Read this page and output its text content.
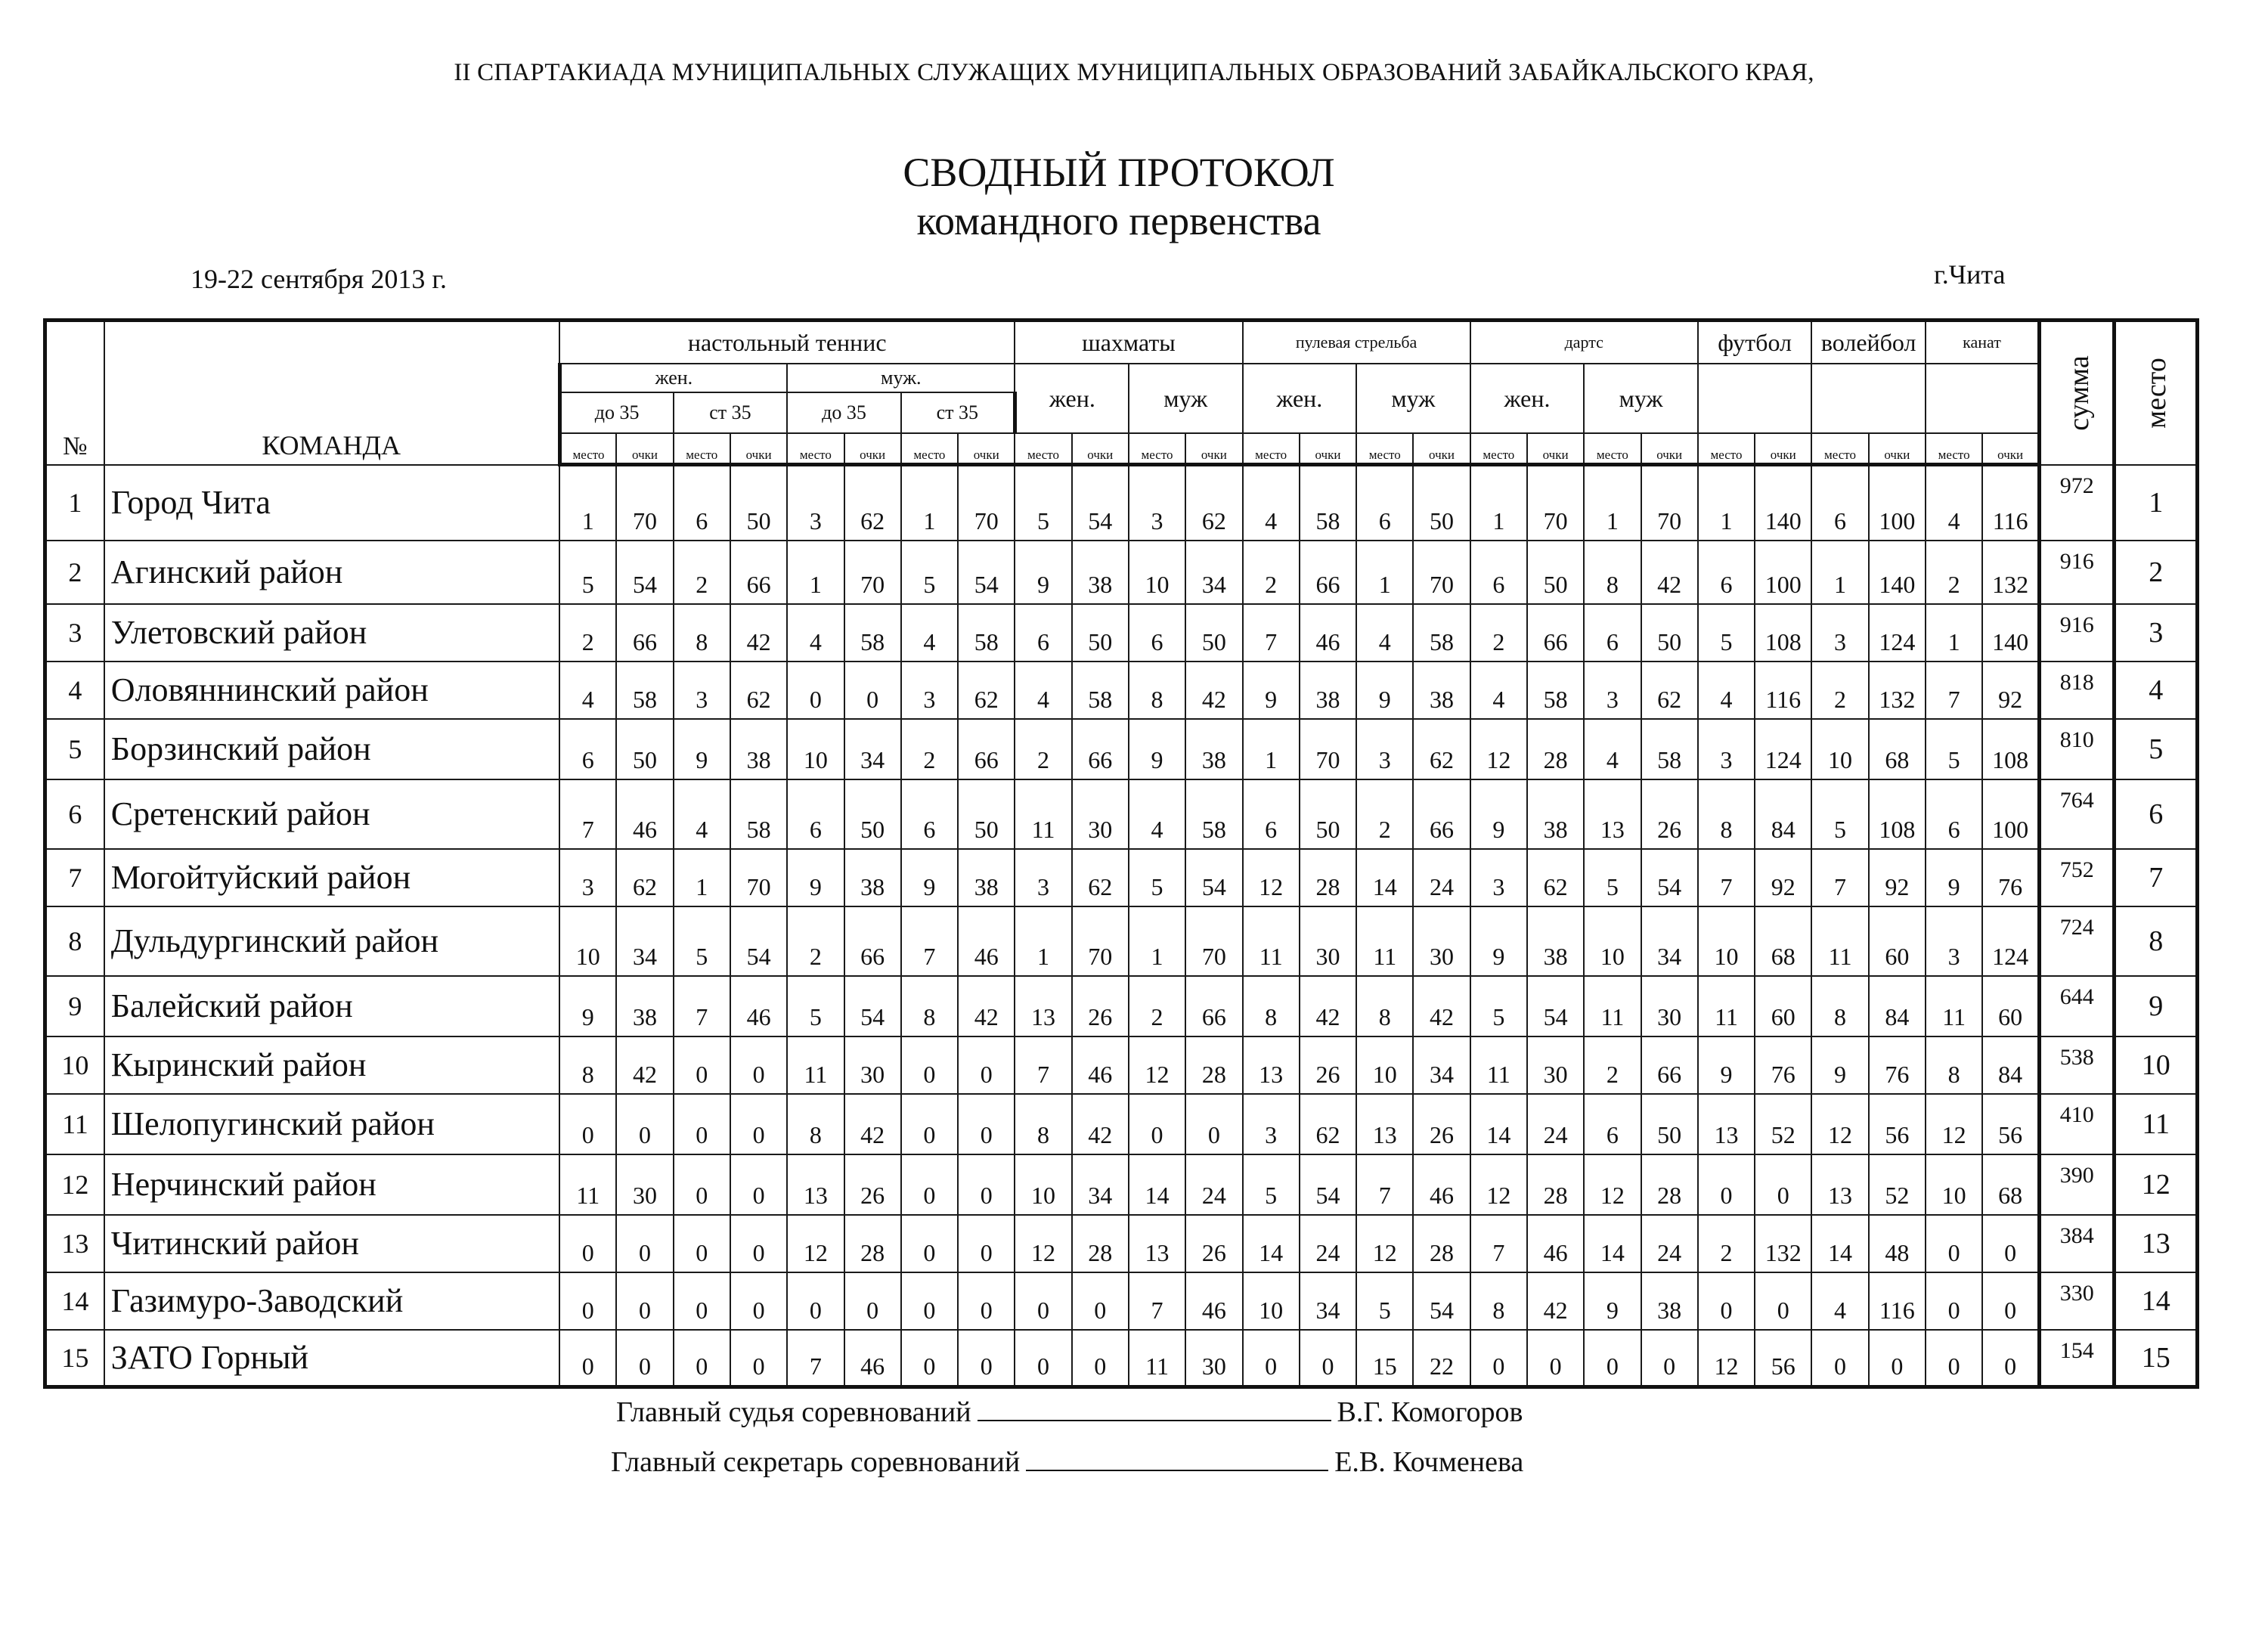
II СПАРТАКИАДА МУНИЦИПАЛЬНЫХ СЛУЖАЩИХ МУНИЦИПАЛЬНЫХ ОБРАЗОВАНИЙ ЗАБАЙКАЛЬСКОГО КРАЯ,
СВОДНЫЙ ПРОТОКОЛ
командного первенства
19-22 сентября 2013 г.	г.Чита
№	КОМАНДА	настольный теннис								шахматы				пулевая стрельба				дартс				футбол		волейбол		канат		сумма	место
		жен.				муж.				жен.		муж		жен.		муж		жен.		муж									
		до 35		ст 35		до 35		ст 35																					
		место	очки	место	очки	место	очки	место	очки	место	очки	место	очки	место	очки	место	очки	место	очки	место	очки	место	очки	место	очки	место	очки		
1	Город Чита	1	70	6	50	3	62	1	70	5	54	3	62	4	58	6	50	1	70	1	70	1	140	6	100	4	116	972	1
2	Агинский район	5	54	2	66	1	70	5	54	9	38	10	34	2	66	1	70	6	50	8	42	6	100	1	140	2	132	916	2
3	Улетовский район	2	66	8	42	4	58	4	58	6	50	6	50	7	46	4	58	2	66	6	50	5	108	3	124	1	140	916	3
4	Оловяннинский район	4	58	3	62	0	0	3	62	4	58	8	42	9	38	9	38	4	58	3	62	4	116	2	132	7	92	818	4
5	Борзинский район	6	50	9	38	10	34	2	66	2	66	9	38	1	70	3	62	12	28	4	58	3	124	10	68	5	108	810	5
6	Сретенский район	7	46	4	58	6	50	6	50	11	30	4	58	6	50	2	66	9	38	13	26	8	84	5	108	6	100	764	6
7	Могойтуйский район	3	62	1	70	9	38	9	38	3	62	5	54	12	28	14	24	3	62	5	54	7	92	7	92	9	76	752	7
8	Дульдургинский район	10	34	5	54	2	66	7	46	1	70	1	70	11	30	11	30	9	38	10	34	10	68	11	60	3	124	724	8
9	Балейский район	9	38	7	46	5	54	8	42	13	26	2	66	8	42	8	42	5	54	11	30	11	60	8	84	11	60	644	9
10	Кыринский район	8	42	0	0	11	30	0	0	7	46	12	28	13	26	10	34	11	30	2	66	9	76	9	76	8	84	538	10
11	Шелопугинский район	0	0	0	0	8	42	0	0	8	42	0	0	3	62	13	26	14	24	6	50	13	52	12	56	12	56	410	11
12	Нерчинский район	11	30	0	0	13	26	0	0	10	34	14	24	5	54	7	46	12	28	12	28	0	0	13	52	10	68	390	12
13	Читинский район	0	0	0	0	12	28	0	0	12	28	13	26	14	24	12	28	7	46	14	24	2	132	14	48	0	0	384	13
14	Газимуро-Заводский	0	0	0	0	0	0	0	0	0	0	7	46	10	34	5	54	8	42	9	38	0	0	4	116	0	0	330	14
15	ЗАТО Горный	0	0	0	0	7	46	0	0	0	0	11	30	0	0	15	22	0	0	0	0	12	56	0	0	0	0	154	15
Главный судья соревнований	В.Г. Комогоров
Главный секретарь соревнований	Е.В. Кочменева
